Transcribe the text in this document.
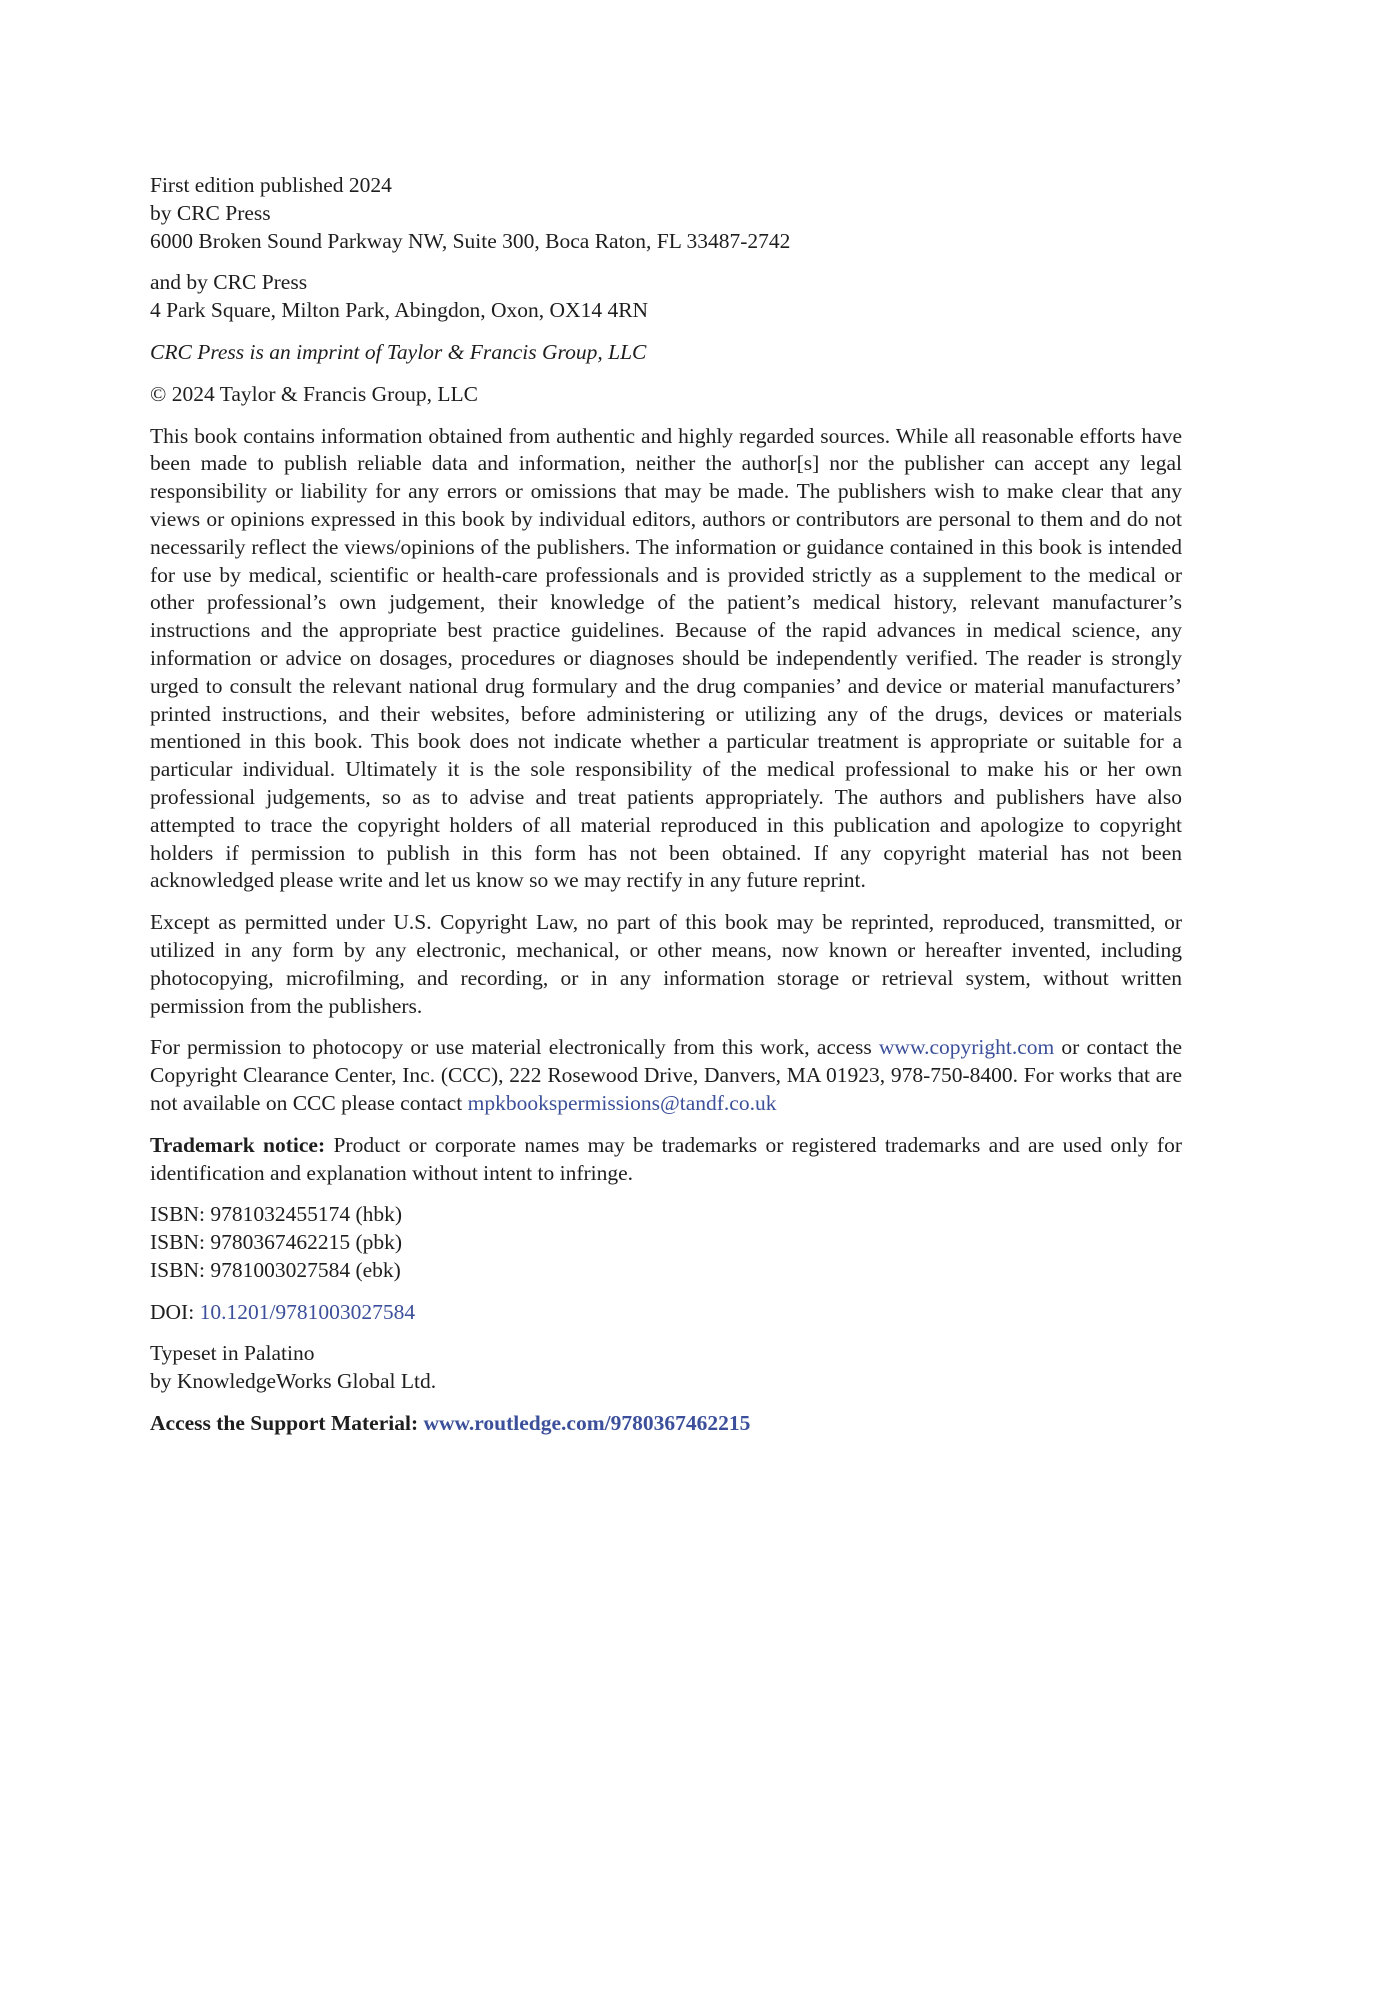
First edition published 2024
by CRC Press
6000 Broken Sound Parkway NW, Suite 300, Boca Raton, FL 33487-2742
and by CRC Press
4 Park Square, Milton Park, Abingdon, Oxon, OX14 4RN
CRC Press is an imprint of Taylor & Francis Group, LLC
© 2024 Taylor & Francis Group, LLC
This book contains information obtained from authentic and highly regarded sources. While all reasonable efforts have been made to publish reliable data and information, neither the author[s] nor the publisher can accept any legal responsibility or liability for any errors or omissions that may be made. The publishers wish to make clear that any views or opinions expressed in this book by individual editors, authors or contributors are personal to them and do not necessarily reflect the views/opinions of the publishers. The information or guidance contained in this book is intended for use by medical, scientific or health-care professionals and is provided strictly as a supplement to the medical or other professional’s own judgement, their knowledge of the patient’s medical history, relevant manufacturer’s instructions and the appropriate best practice guidelines. Because of the rapid advances in medical science, any information or advice on dosages, procedures or diagnoses should be independently verified. The reader is strongly urged to consult the relevant national drug formulary and the drug companies’ and device or material manufacturers’ printed instructions, and their websites, before administering or utilizing any of the drugs, devices or materials mentioned in this book. This book does not indicate whether a particular treatment is appropriate or suitable for a particular individual. Ultimately it is the sole responsibility of the medical professional to make his or her own professional judgements, so as to advise and treat patients appropriately. The authors and publishers have also attempted to trace the copyright holders of all material reproduced in this publication and apologize to copyright holders if permission to publish in this form has not been obtained. If any copyright material has not been acknowledged please write and let us know so we may rectify in any future reprint.
Except as permitted under U.S. Copyright Law, no part of this book may be reprinted, reproduced, transmitted, or utilized in any form by any electronic, mechanical, or other means, now known or hereafter invented, including photocopying, microfilming, and recording, or in any information storage or retrieval system, without written permission from the publishers.
For permission to photocopy or use material electronically from this work, access www.copyright.com or contact the Copyright Clearance Center, Inc. (CCC), 222 Rosewood Drive, Danvers, MA 01923, 978-750-8400. For works that are not available on CCC please contact mpkbookspermissions@tandf.co.uk
Trademark notice: Product or corporate names may be trademarks or registered trademarks and are used only for identification and explanation without intent to infringe.
ISBN: 9781032455174 (hbk)
ISBN: 9780367462215 (pbk)
ISBN: 9781003027584 (ebk)
DOI: 10.1201/9781003027584
Typeset in Palatino
by KnowledgeWorks Global Ltd.
Access the Support Material: www.routledge.com/9780367462215
